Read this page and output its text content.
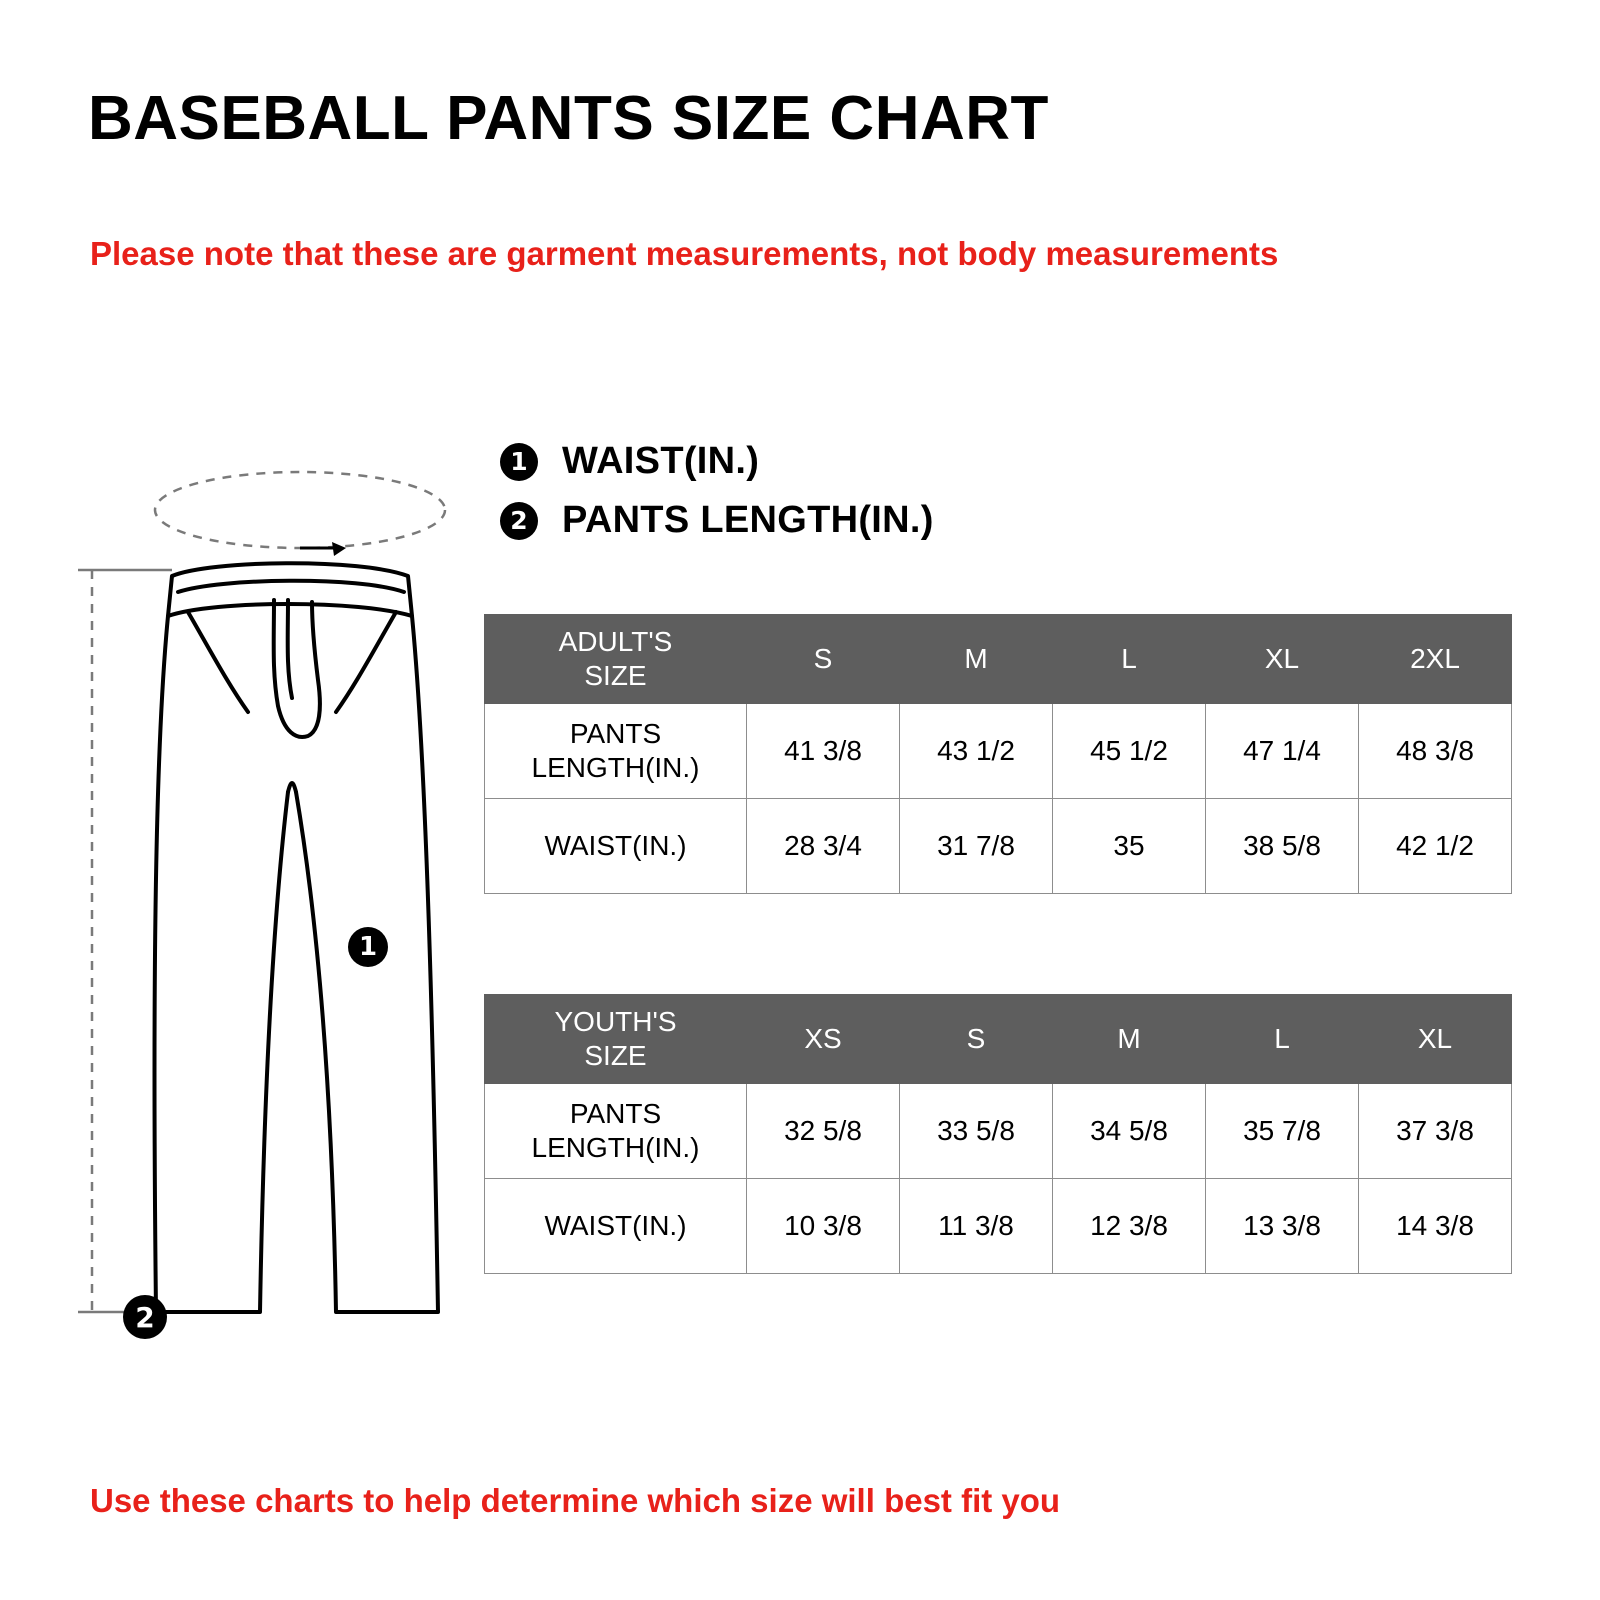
BASEBALL PANTS SIZE CHART
Please note that these are garment measurements, not body measurements
1 WAIST(IN.)
2 PANTS LENGTH(IN.)
1
2
ADULT'S
SIZE	S	M	L	XL	2XL

PANTS
LENGTH(IN.)	41 3/8	43 1/2	45 1/2	47 1/4	48 3/8
WAIST(IN.)	28 3/4	31 7/8	35	38 5/8	42 1/2
YOUTH'S
SIZE	XS	S	M	L	XL

PANTS
LENGTH(IN.)	32 5/8	33 5/8	34 5/8	35 7/8	37 3/8
WAIST(IN.)	10 3/8	11 3/8	12 3/8	13 3/8	14 3/8
Use these charts to help determine which size will best fit you
